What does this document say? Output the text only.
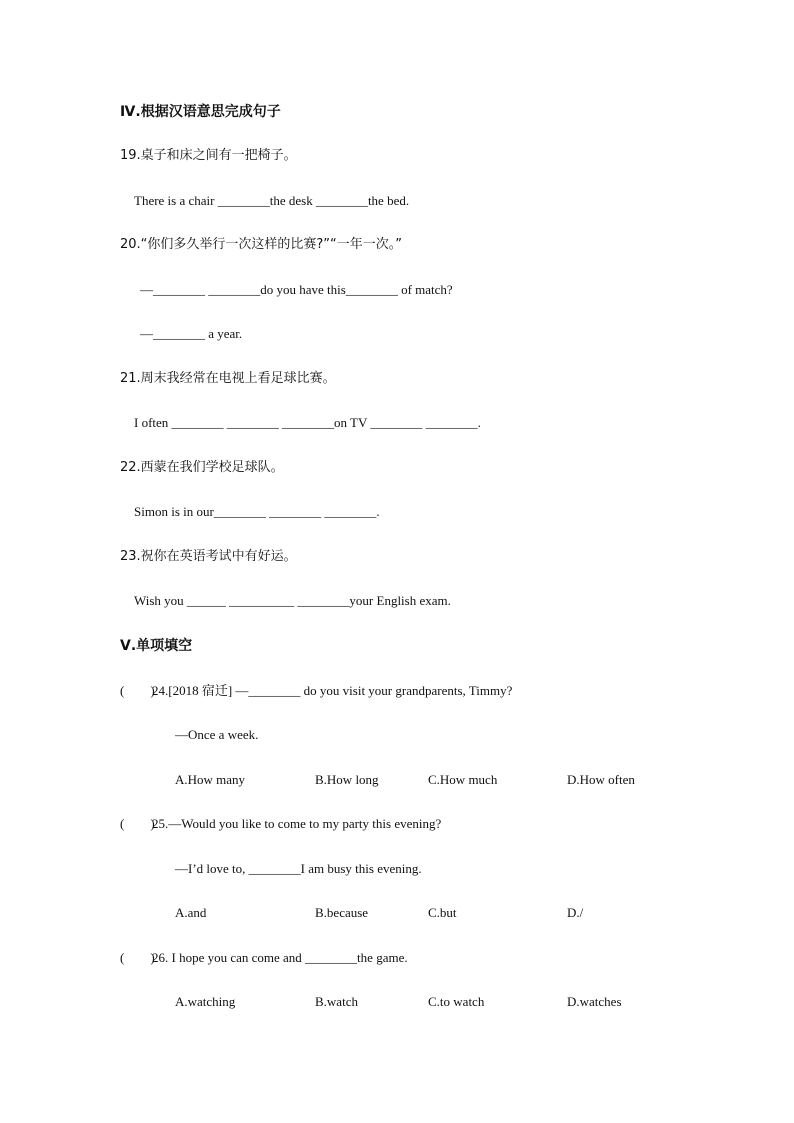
Ⅳ.根据汉语意思完成句子
19.桌子和床之间有一把椅子。
There is a chair ________the desk ________the bed.
20.“你们多久举行一次这样的比赛?”“一年一次。”
—________ ________do you have this________ of match?
—________ a year.
21.周末我经常在电视上看足球比赛。
I often ________ ________ ________on TV ________ ________.
22.西蒙在我们学校足球队。
Simon is in our________ ________ ________.
23.祝你在英语考试中有好运。
Wish you ______ __________ ________your English exam.
Ⅴ.单项填空
(        )
24.[2018 宿迁] —________ do you visit your grandparents, Timmy?
—Once a week.
A.How many	B.How long	C.How much	D.How often
(        )
25.—Would you like to come to my party this evening?
—I’d love to, ________I am busy this evening.
A.and	B.because	C.but	D./
(        )
26. I hope you can come and ________the game.
A.watching	B.watch	C.to watch	D.watches
